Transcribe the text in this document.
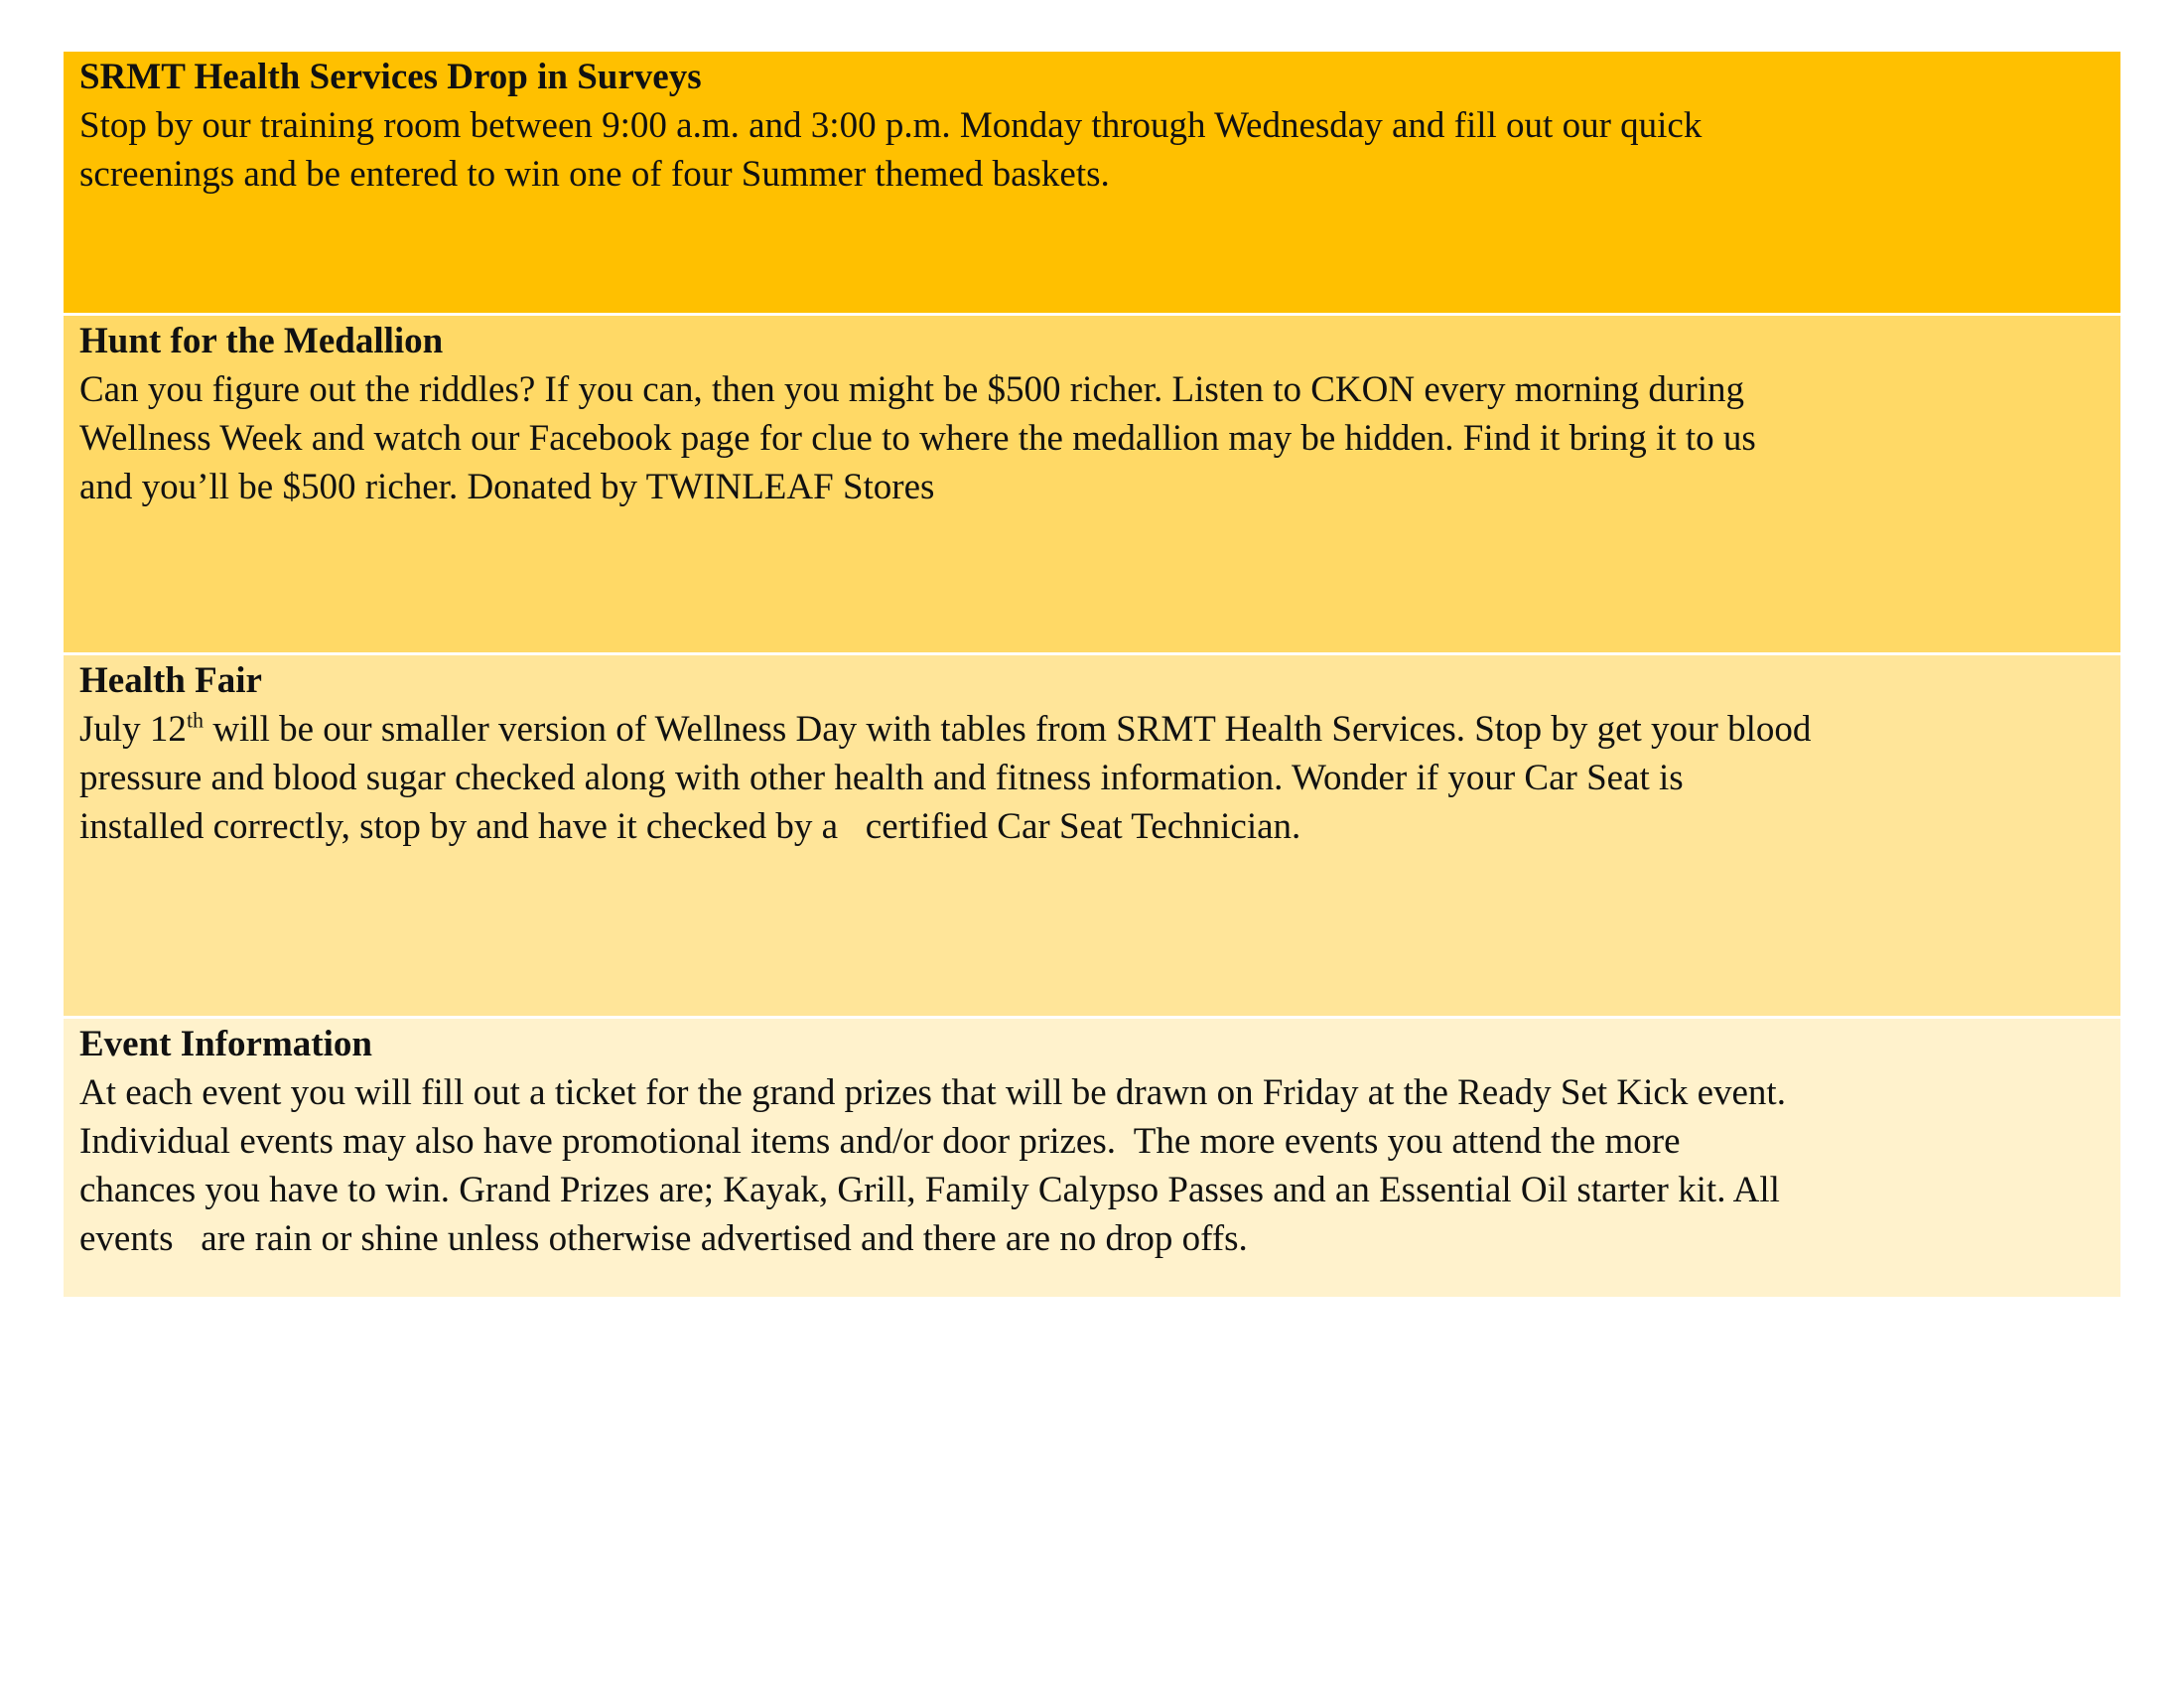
SRMT Health Services Drop in Surveys

Stop by our training room between 9:00 a.m. and 3:00 p.m. Monday through Wednesday and fill out our quick

screenings and be entered to win one of four Summer themed baskets.

Hunt for the Medallion

Can you figure out the riddles? If you can, then you might be $500 richer. Listen to CKON every morning during

Wellness Week and watch our Facebook page for clue to where the medallion may be hidden. Find it bring it to us

and you’ll be $500 richer. Donated by TWINLEAF Stores

Health Fair

July 12th will be our smaller version of Wellness Day with tables from SRMT Health Services. Stop by get your blood

pressure and blood sugar checked along with other health and fitness information. Wonder if your Car Seat is

installed correctly, stop by and have it checked by a   certified Car Seat Technician.

Event Information

At each event you will fill out a ticket for the grand prizes that will be drawn on Friday at the Ready Set Kick event.

Individual events may also have promotional items and/or door prizes.  The more events you attend the more

chances you have to win. Grand Prizes are; Kayak, Grill, Family Calypso Passes and an Essential Oil starter kit. All

events   are rain or shine unless otherwise advertised and there are no drop offs.
